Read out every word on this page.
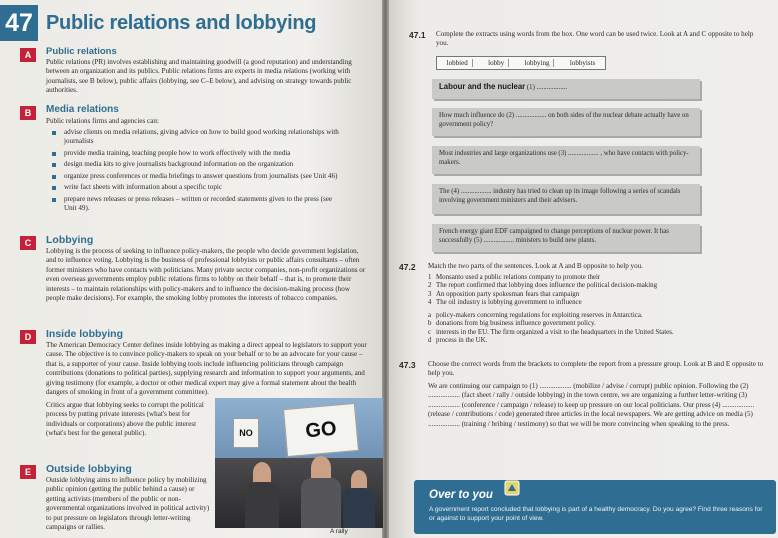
47 Public relations and lobbying
A	Public relations
Public relations (PR) involves establishing and maintaining goodwill (a good reputation) and understanding between an organization and its publics. Public relations firms are experts in media relations (working with journalists, see B below), public affairs (lobbying, see C–E below), and advising on strategy towards public authorities.
B	Media relations
Public relations firms and agencies can:
advise clients on media relations, giving advice on how to build good working relationships with journalists
provide media training, teaching people how to work effectively with the media
design media kits to give journalists background information on the organization
organize press conferences or media briefings to answer questions from journalists (see Unit 46)
write fact sheets with information about a specific topic
prepare news releases or press releases – written or recorded statements given to the press (see Unit 49).
C	Lobbying
Lobbying is the process of seeking to influence policy-makers, the people who decide government legislation, and to influence voting. Lobbying is the business of professional lobbyists or public affairs consultants – often former ministers who have contacts with politicians. Many private sector companies, non-profit organizations or even overseas governments employ public relations firms to lobby on their behalf – that is, to promote their interests – to maintain relationships with policy-makers and to influence the decision-making process (how people make decisions). For example, the smoking lobby promotes the interests of tobacco companies.
D	Inside lobbying
The American Democracy Center defines inside lobbying as making a direct appeal to legislators to support your cause. The objective is to convince policy-makers to speak on your behalf or to be an advocate for your cause – that is, a supporter of your cause. Inside lobbying tools include influencing politicians through campaign contributions (donations to political parties), supplying research and information to support your arguments, and giving testimony (for example, a doctor or other medical expert may give a formal statement about the health dangers of smoking in front of a government committee).
Critics argue that lobbying seeks to corrupt the political process by putting private interests (what's best for individuals or corporations) above the public interest (what's best for the general public).
E	Outside lobbying
Outside lobbying aims to influence policy by mobilizing public opinion (getting the public behind a cause) or getting activists (members of the public or non-governmental organizations involved in political activity) to put pressure on legislators through letter-writing campaigns or rallies.
NO	GO
A rally
47.1 Complete the extracts using words from the box. One word can be used twice. Look at A and C opposite to help you.
lobbied	lobby	lobbying	lobbyists
Labour and the nuclear (1) ..................
How much influence do (2) .................. on both sides of the nuclear debate actually have on government policy?
Most industries and large organizations use (3) .................. , who have contacts with policy-makers.
The (4) .................. industry has tried to clean up its image following a series of scandals involving government ministers and their advisers.
French energy giant EDF campaigned to change perceptions of nuclear power. It has successfully (5) .................. ministers to build new plants.
47.2 Match the two parts of the sentences. Look at A and B opposite to help you.
1 Monsanto used a public relations company to promote their
2 The report confirmed that lobbying does influence the political decision-making
3 An opposition party spokesman fears that campaign
4 The oil industry is lobbying government to influence
a policy-makers concerning regulations for exploiting reserves in Antarctica.
b donations from big business influence government policy.
c interests in the EU. The firm organized a visit to the headquarters in the United States.
d process in the UK.
47.3 Choose the correct words from the brackets to complete the report from a pressure group. Look at B and E opposite to help you.
We are continuing our campaign to (1) .................. (mobilize / advise / corrupt) public opinion. Following the (2) .................. (fact sheet / rally / outside lobbying) in the town centre, we are organizing a further letter-writing (3) .................. (conference / campaign / release) to keep up pressure on our local politicians. Our press (4) .................. (release / contributions / code) generated three articles in the local newspapers. We are getting advice on media (5) .................. (training / bribing / testimony) so that we will be more convincing when speaking to the press.
Over to you
A government report concluded that lobbying is part of a healthy democracy. Do you agree? Find three reasons for or against to support your point of view.
